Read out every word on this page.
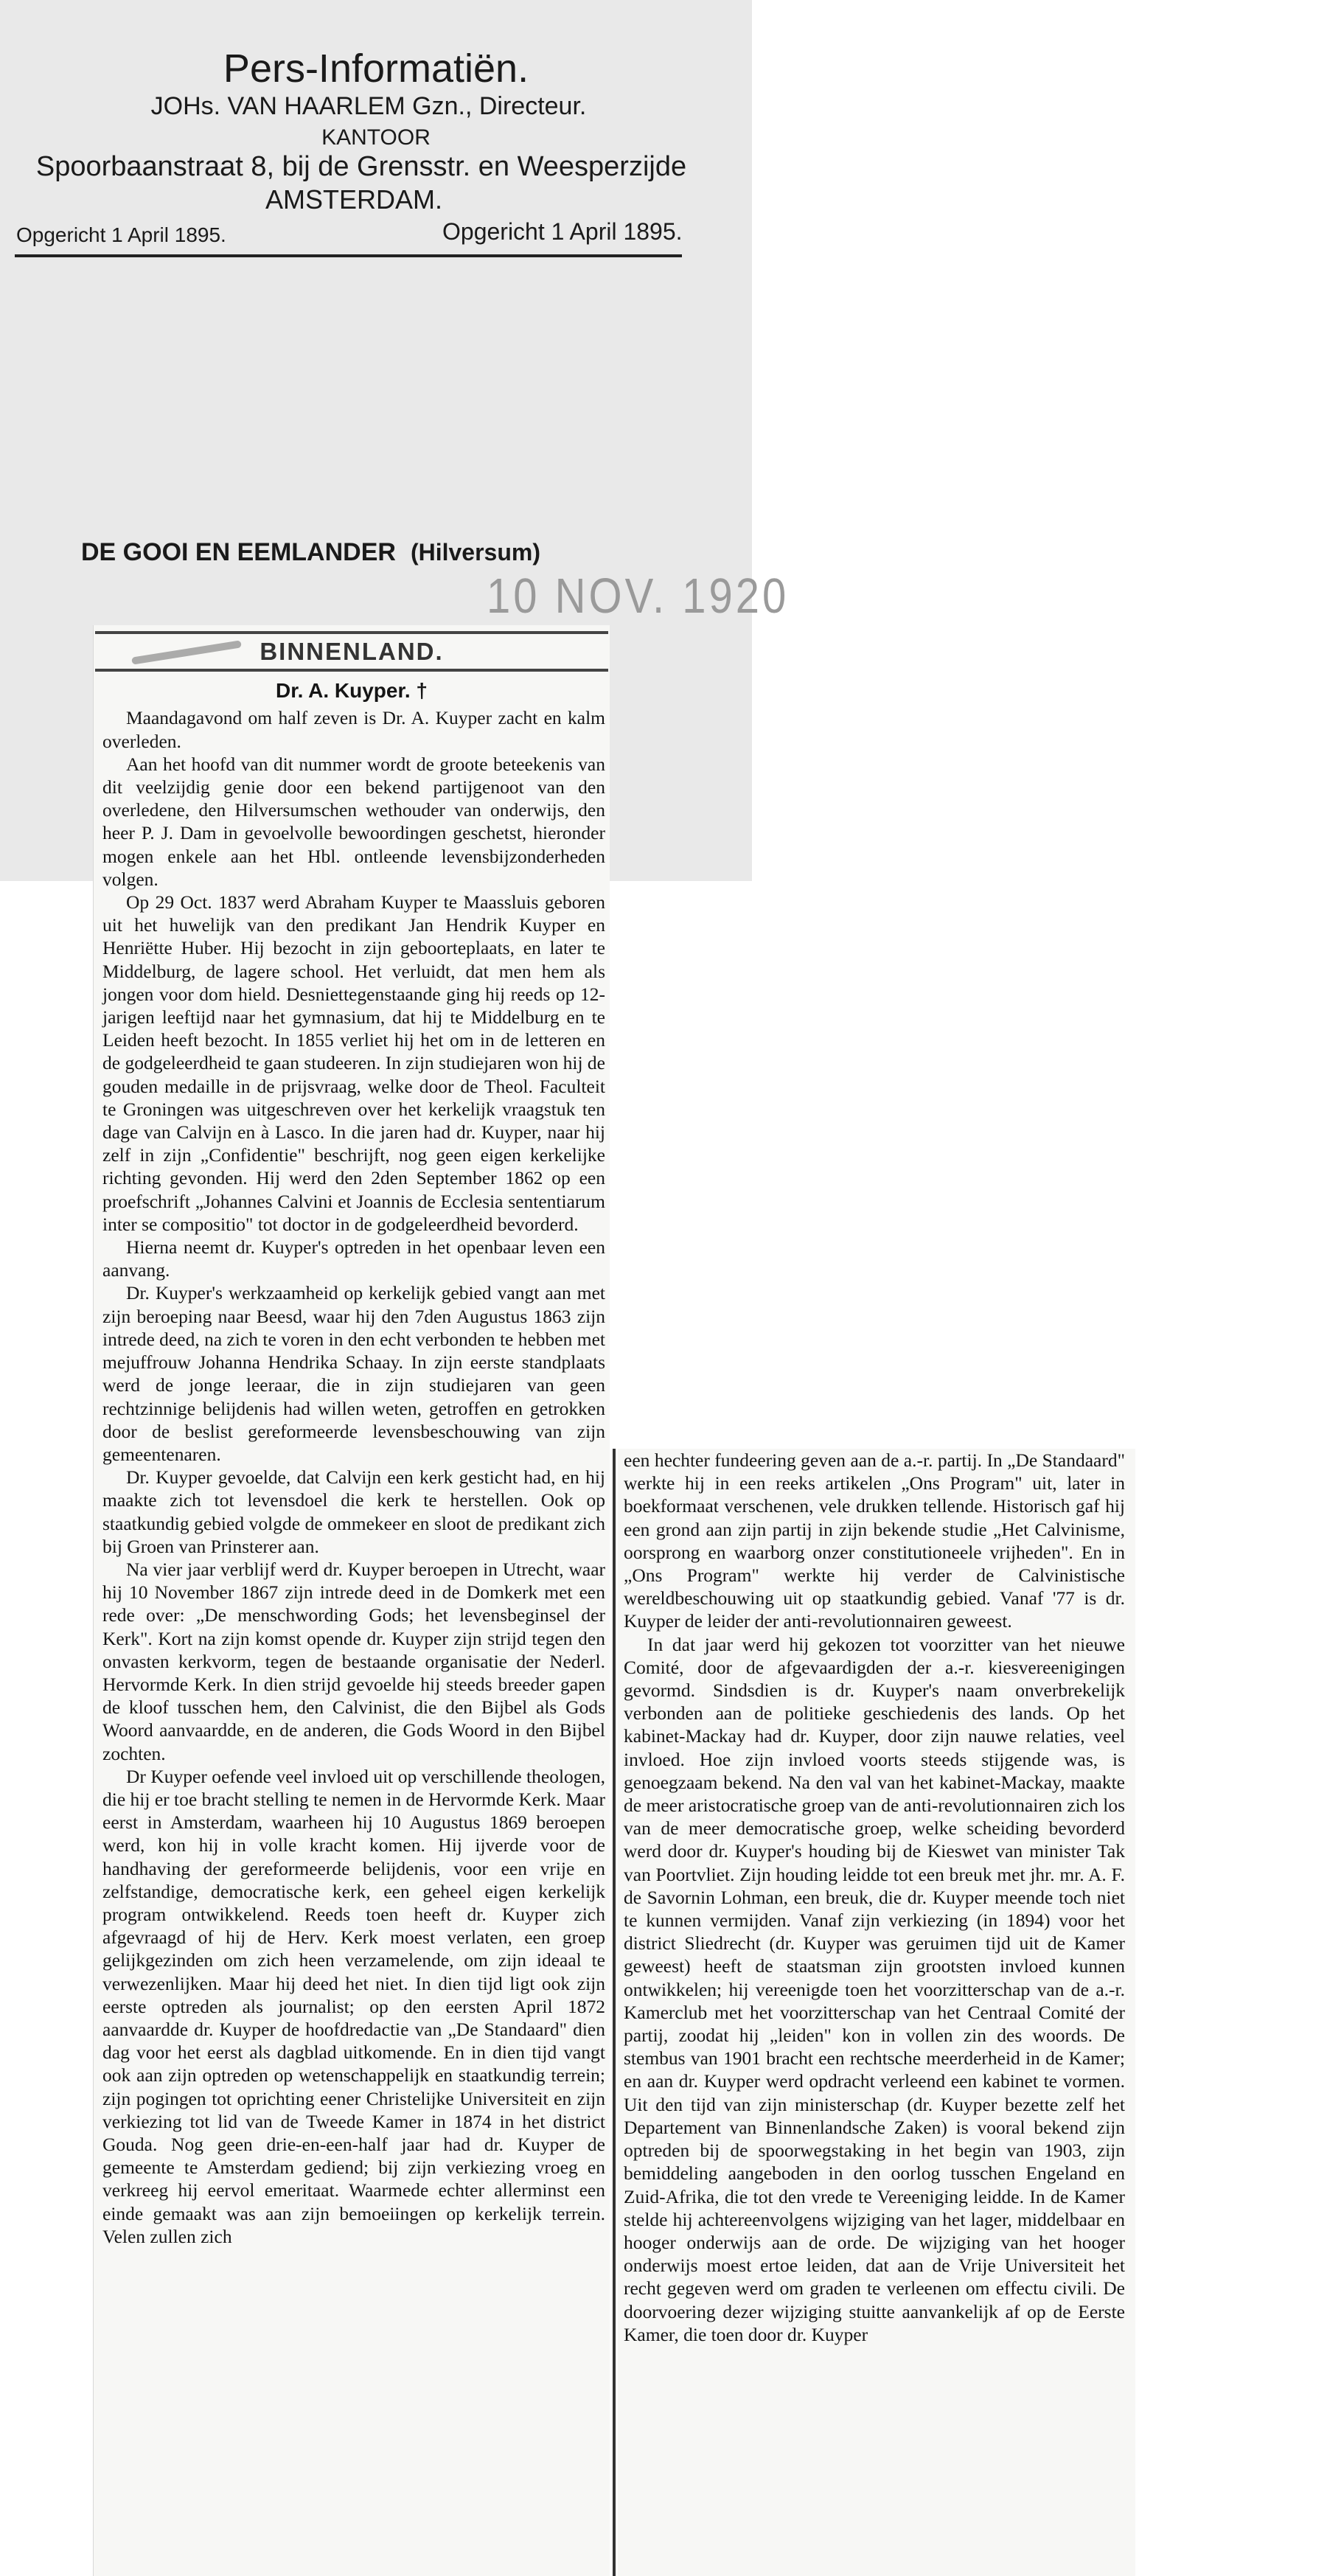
Pers-Informatiën.
JOHs. VAN HAARLEM Gzn., Directeur.
KANTOOR
Spoorbaanstraat 8, bij de Grensstr. en Weesperzijde
AMSTERDAM.
Opgericht 1 April 1895.	Opgericht 1 April 1895.
DE GOOI EN EEMLANDER (Hilversum)
10 NOV. 1920
BINNENLAND.
Dr. A. Kuyper. †

Maandagavond om half zeven is Dr. A. Kuyper zacht en kalm overleden.

Aan het hoofd van dit nummer wordt de groote beteekenis van dit veelzijdig genie door een bekend partijgenoot van den overledene, den Hilversumschen wethouder van onderwijs, den heer P. J. Dam in gevoelvolle bewoordingen geschetst, hieronder mogen enkele aan het Hbl. ontleende levensbijzonderheden volgen.

Op 29 Oct. 1837 werd Abraham Kuyper te Maassluis geboren uit het huwelijk van den predikant Jan Hendrik Kuyper en Henriëtte Huber. Hij bezocht in zijn geboorteplaats, en later te Middelburg, de lagere school. Het verluidt, dat men hem als jongen voor dom hield. Desniettegenstaande ging hij reeds op 12-jarigen leeftijd naar het gymnasium, dat hij te Middelburg en te Leiden heeft bezocht. In 1855 verliet hij het om in de letteren en de godgeleerdheid te gaan studeeren. In zijn studiejaren won hij de gouden medaille in de prijsvraag, welke door de Theol. Faculteit te Groningen was uitgeschreven over het kerkelijk vraagstuk ten dage van Calvijn en à Lasco. In die jaren had dr. Kuyper, naar hij zelf in zijn „Confidentie" beschrijft, nog geen eigen kerkelijke richting gevonden. Hij werd den 2den September 1862 op een proefschrift „Johannes Calvini et Joannis de Ecclesia sententiarum inter se compositio" tot doctor in de godgeleerdheid bevorderd.

Hierna neemt dr. Kuyper's optreden in het openbaar leven een aanvang.

Dr. Kuyper's werkzaamheid op kerkelijk gebied vangt aan met zijn beroeping naar Beesd, waar hij den 7den Augustus 1863 zijn intrede deed, na zich te voren in den echt verbonden te hebben met mejuffrouw Johanna Hendrika Schaay. In zijn eerste standplaats werd de jonge leeraar, die in zijn studiejaren van geen rechtzinnige belijdenis had willen weten, getroffen en getrokken door de beslist gereformeerde levensbeschouwing van zijn gemeentenaren.

Dr. Kuyper gevoelde, dat Calvijn een kerk gesticht had, en hij maakte zich tot levensdoel die kerk te herstellen. Ook op staatkundig gebied volgde de ommekeer en sloot de predikant zich bij Groen van Prinsterer aan.

Na vier jaar verblijf werd dr. Kuyper beroepen in Utrecht, waar hij 10 November 1867 zijn intrede deed in de Domkerk met een rede over: „De menschwording Gods; het levensbeginsel der Kerk". Kort na zijn komst opende dr. Kuyper zijn strijd tegen den onvasten kerkvorm, tegen de bestaande organisatie der Nederl. Hervormde Kerk. In dien strijd gevoelde hij steeds breeder gapen de kloof tusschen hem, den Calvinist, die den Bijbel als Gods Woord aanvaardde, en de anderen, die Gods Woord in den Bijbel zochten.

Dr Kuyper oefende veel invloed uit op verschillende theologen, die hij er toe bracht stelling te nemen in de Hervormde Kerk. Maar eerst in Amsterdam, waarheen hij 10 Augustus 1869 beroepen werd, kon hij in volle kracht komen. Hij ijverde voor de handhaving der gereformeerde belijdenis, voor een vrije en zelfstandige, democratische kerk, een geheel eigen kerkelijk program ontwikkelend. Reeds toen heeft dr. Kuyper zich afgevraagd of hij de Herv. Kerk moest verlaten, een groep gelijkgezinden om zich heen verzamelende, om zijn ideaal te verwezenlijken. Maar hij deed het niet. In dien tijd ligt ook zijn eerste optreden als journalist; op den eersten April 1872 aanvaardde dr. Kuyper de hoofdredactie van „De Standaard" dien dag voor het eerst als dagblad uitkomende. En in dien tijd vangt ook aan zijn optreden op wetenschappelijk en staatkundig terrein; zijn pogingen tot oprichting eener Christelijke Universiteit en zijn verkiezing tot lid van de Tweede Kamer in 1874 in het district Gouda. Nog geen drie-en-een-half jaar had dr. Kuyper de gemeente te Amsterdam gediend; bij zijn verkiezing vroeg en verkreeg hij eervol emeritaat. Waarmede echter allerminst een einde gemaakt was aan zijn bemoeiingen op kerkelijk terrein. Velen zullen zich

een hechter fundeering geven aan de a.-r. partij. In „De Standaard" werkte hij in een reeks artikelen „Ons Program" uit, later in boekformaat verschenen, vele drukken tellende. Historisch gaf hij een grond aan zijn partij in zijn bekende studie „Het Calvinisme, oorsprong en waarborg onzer constitutioneele vrijheden". En in „Ons Program" werkte hij verder de Calvinistische wereldbeschouwing uit op staatkundig gebied. Vanaf '77 is dr. Kuyper de leider der anti-revolutionnairen geweest.

In dat jaar werd hij gekozen tot voorzitter van het nieuwe Comité, door de afgevaardigden der a.-r. kiesvereenigingen gevormd. Sindsdien is dr. Kuyper's naam onverbrekelijk verbonden aan de politieke geschiedenis des lands. Op het kabinet-Mackay had dr. Kuyper, door zijn nauwe relaties, veel invloed. Hoe zijn invloed voorts steeds stijgende was, is genoegzaam bekend. Na den val van het kabinet-Mackay, maakte de meer aristocratische groep van de anti-revolutionnairen zich los van de meer democratische groep, welke scheiding bevorderd werd door dr. Kuyper's houding bij de Kieswet van minister Tak van Poortvliet. Zijn houding leidde tot een breuk met jhr. mr. A. F. de Savornin Lohman, een breuk, die dr. Kuyper meende toch niet te kunnen vermijden. Vanaf zijn verkiezing (in 1894) voor het district Sliedrecht (dr. Kuyper was geruimen tijd uit de Kamer geweest) heeft de staatsman zijn grootsten invloed kunnen ontwikkelen; hij vereenigde toen het voorzitterschap van de a.-r. Kamerclub met het voorzitterschap van het Centraal Comité der partij, zoodat hij „leiden" kon in vollen zin des woords. De stembus van 1901 bracht een rechtsche meerderheid in de Kamer; en aan dr. Kuyper werd opdracht verleend een kabinet te vormen. Uit den tijd van zijn ministerschap (dr. Kuyper bezette zelf het Departement van Binnenlandsche Zaken) is vooral bekend zijn optreden bij de spoorwegstaking in het begin van 1903, zijn bemiddeling aangeboden in den oorlog tusschen Engeland en Zuid-Afrika, die tot den vrede te Vereeniging leidde. In de Kamer stelde hij achtereenvolgens wijziging van het lager, middelbaar en hooger onderwijs aan de orde. De wijziging van het hooger onderwijs moest ertoe leiden, dat aan de Vrije Universiteit het recht gegeven werd om graden te verleenen om effectu civili. De doorvoering dezer wijziging stuitte aanvankelijk af op de Eerste Kamer, die toen door dr. Kuyper
